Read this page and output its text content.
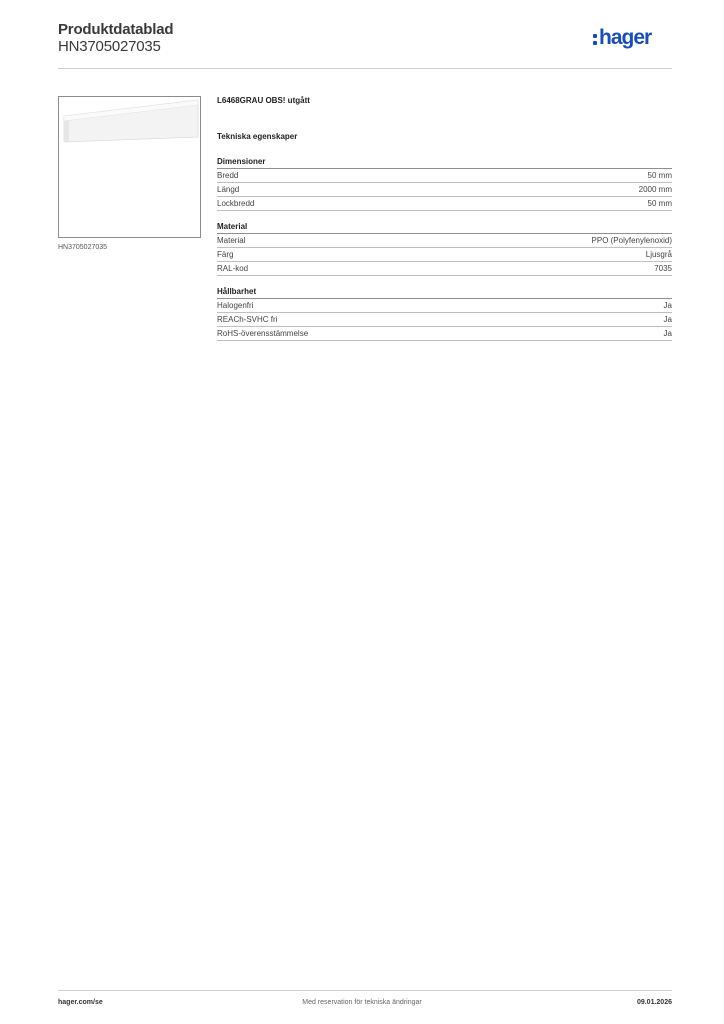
Produktdatablad
HN3705027035	hager
HN3705027035
L6468GRAU OBS! utgått
Tekniska egenskaper
Dimensioner
Bredd	50 mm
Längd	2000 mm
Lockbredd	50 mm
Material
Material	PPO (Polyfenylenoxid)
Färg	Ljusgrå
RAL-kod	7035
Hållbarhet
Halogenfri	Ja
REACh-SVHC fri	Ja
RoHS-överensstämmelse	Ja
hager.com/se	Med reservation för tekniska ändringar	09.01.2026
